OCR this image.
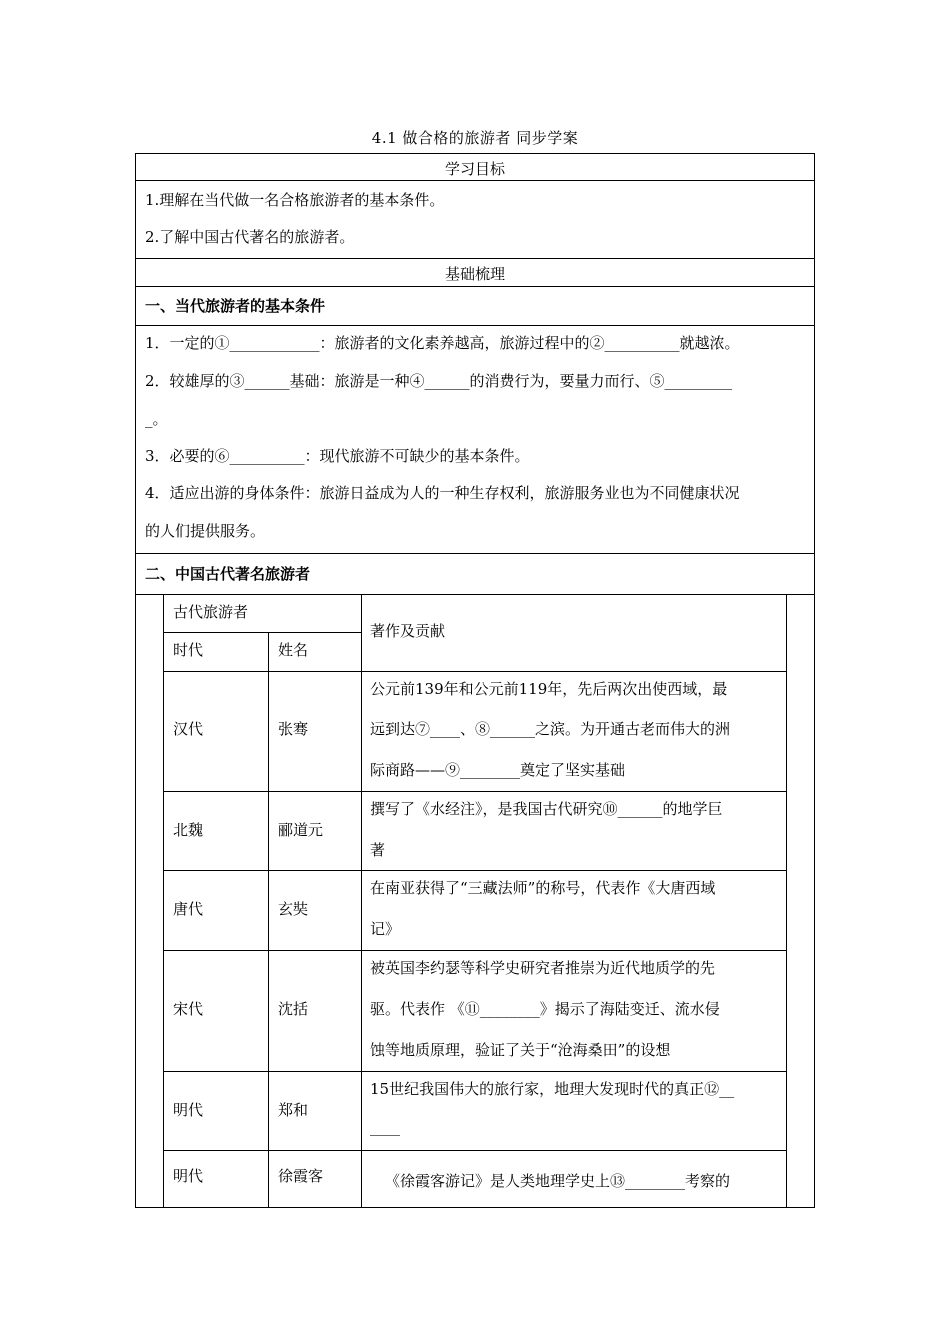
4.1 做合格的旅游者 同步学案
学习目标
1.理解在当代做一名合格旅游者的基本条件。
2.了解中国古代著名的旅游者。
基础梳理
一、当代旅游者的基本条件
1．一定的①____________：旅游者的文化素养越高，旅游过程中的②__________就越浓。
2．较雄厚的③______基础：旅游是一种④______的消费行为，要量力而行、⑤_________
_。
3．必要的⑥__________：现代旅游不可缺少的基本条件。
4．适应出游的身体条件：旅游日益成为人的一种生存权利，旅游服务业也为不同健康状况
的人们提供服务。
二、中国古代著名旅游者
古代旅游者
时代	姓名
著作及贡献
汉代	张骞
公元前139年和公元前119年，先后两次出使西域，最
远到达⑦____、⑧______之滨。为开通古老而伟大的洲
际商路——⑨________奠定了坚实基础
北魏	郦道元
撰写了《水经注》，是我国古代研究⑩______的地学巨
著
唐代	玄奘
在南亚获得了“三藏法师”的称号，代表作《大唐西域
记》
宋代	沈括
被英国李约瑟等科学史研究者推崇为近代地质学的先
驱。代表作 《⑪________》揭示了海陆变迁、流水侵
蚀等地质原理，验证了关于“沧海桑田”的设想
明代	郑和
15世纪我国伟大的旅行家，地理大发现时代的真正⑫__
____
明代	徐霞客	《徐霞客游记》是人类地理学史上⑬________考察的
